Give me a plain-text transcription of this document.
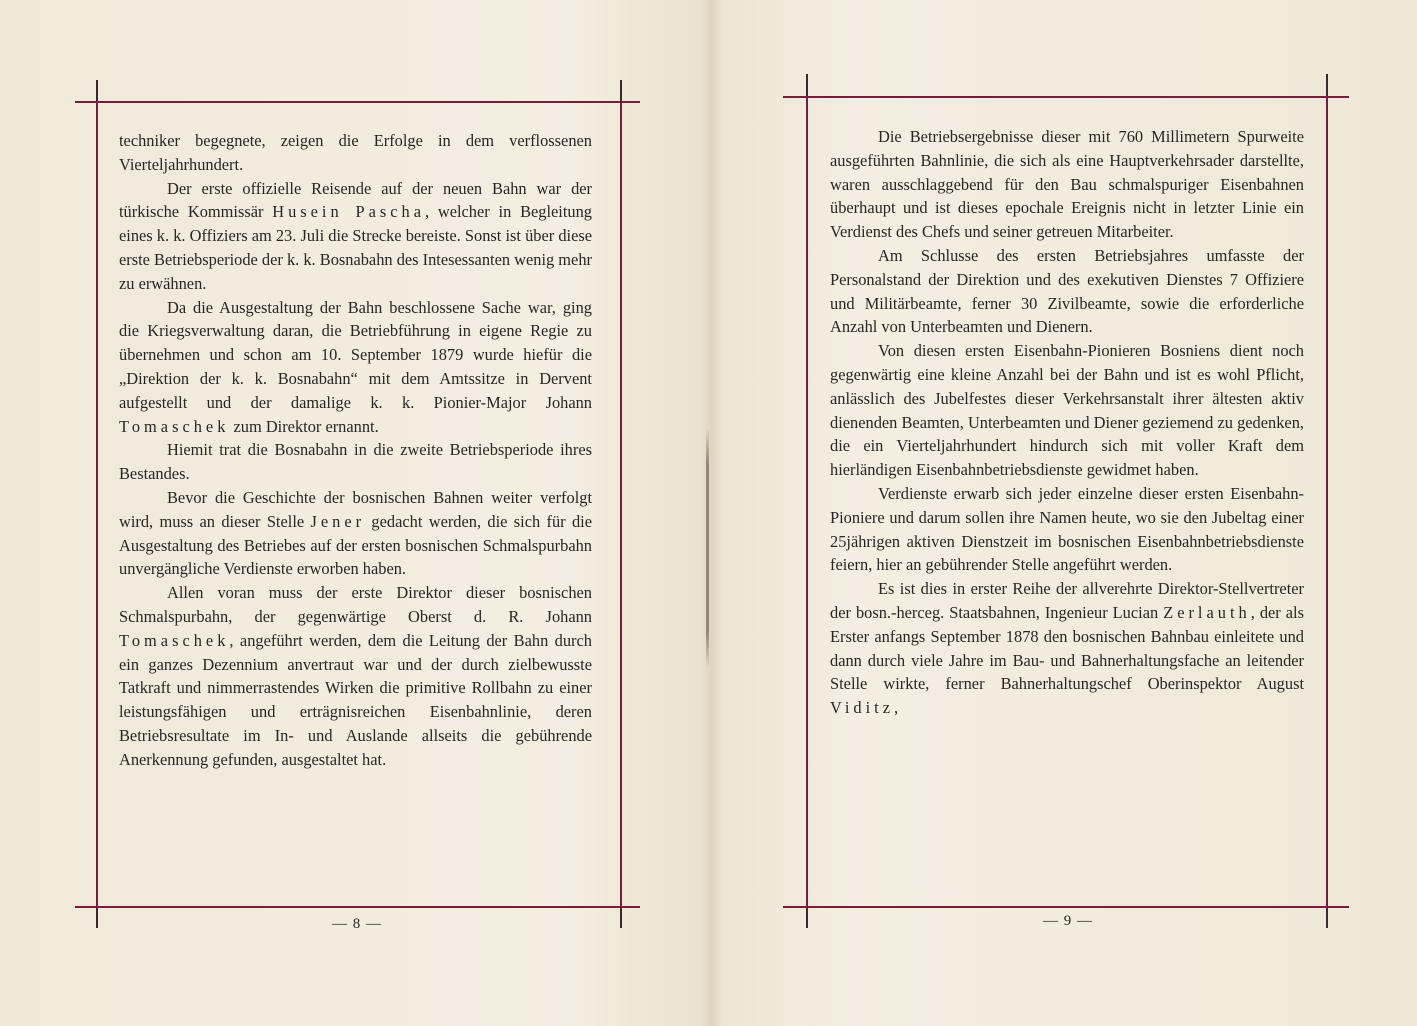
techniker begegnete, zeigen die Erfolge in dem verflossenen Vierteljahrhundert.

Der erste offizielle Reisende auf der neuen Bahn war der türkische Kommissär Husein Pascha, welcher in Begleitung eines k. k. Offiziers am 23. Juli die Strecke bereiste. Sonst ist über diese erste Betriebsperiode der k. k. Bosnabahn des Intesessanten wenig mehr zu erwähnen.

Da die Ausgestaltung der Bahn beschlossene Sache war, ging die Kriegsverwaltung daran, die Betriebführung in eigene Regie zu übernehmen und schon am 10. September 1879 wurde hiefür die „Direktion der k. k. Bosnabahn“ mit dem Amtssitze in Dervent aufgestellt und der damalige k. k. Pionier-Major Johann Tomaschek zum Direktor ernannt.

Hiemit trat die Bosnabahn in die zweite Betriebsperiode ihres Bestandes.

Bevor die Geschichte der bosnischen Bahnen weiter verfolgt wird, muss an dieser Stelle Jener gedacht werden, die sich für die Ausgestaltung des Betriebes auf der ersten bosnischen Schmalspurbahn unvergängliche Verdienste erworben haben.

Allen voran muss der erste Direktor dieser bosnischen Schmalspurbahn, der gegenwärtige Oberst d. R. Johann Tomaschek, angeführt werden, dem die Leitung der Bahn durch ein ganzes Dezennium anvertraut war und der durch zielbewusste Tatkraft und nimmerrastendes Wirken die primitive Rollbahn zu einer leistungsfähigen und erträgnisreichen Eisenbahnlinie, deren Betriebsresultate im In- und Auslande allseits die gebührende Anerkennung gefunden, ausgestaltet hat.

— 8 —

Die Betriebsergebnisse dieser mit 760 Millimetern Spurweite ausgeführten Bahnlinie, die sich als eine Hauptverkehrsader darstellte, waren ausschlaggebend für den Bau schmalspuriger Eisenbahnen überhaupt und ist dieses epochale Ereignis nicht in letzter Linie ein Verdienst des Chefs und seiner getreuen Mitarbeiter.

Am Schlusse des ersten Betriebsjahres umfasste der Personalstand der Direktion und des exekutiven Dienstes 7 Offiziere und Militärbeamte, ferner 30 Zivilbeamte, sowie die erforderliche Anzahl von Unterbeamten und Dienern.

Von diesen ersten Eisenbahn-Pionieren Bosniens dient noch gegenwärtig eine kleine Anzahl bei der Bahn und ist es wohl Pflicht, anlässlich des Jubelfestes dieser Verkehrsanstalt ihrer ältesten aktiv dienenden Beamten, Unterbeamten und Diener geziemend zu gedenken, die ein Vierteljahrhundert hindurch sich mit voller Kraft dem hierländigen Eisenbahnbetriebsdienste gewidmet haben.

Verdienste erwarb sich jeder einzelne dieser ersten Eisenbahn-Pioniere und darum sollen ihre Namen heute, wo sie den Jubeltag einer 25jährigen aktiven Dienstzeit im bosnischen Eisenbahnbetriebsdienste feiern, hier an gebührender Stelle angeführt werden.

Es ist dies in erster Reihe der allverehrte Direktor-Stellvertreter der bosn.-herceg. Staatsbahnen, Ingenieur Lucian Zerlauth, der als Erster anfangs September 1878 den bosnischen Bahnbau einleitete und dann durch viele Jahre im Bau- und Bahnerhaltungsfache an leitender Stelle wirkte, ferner Bahnerhaltungschef Oberinspektor August Viditz,

— 9 —
